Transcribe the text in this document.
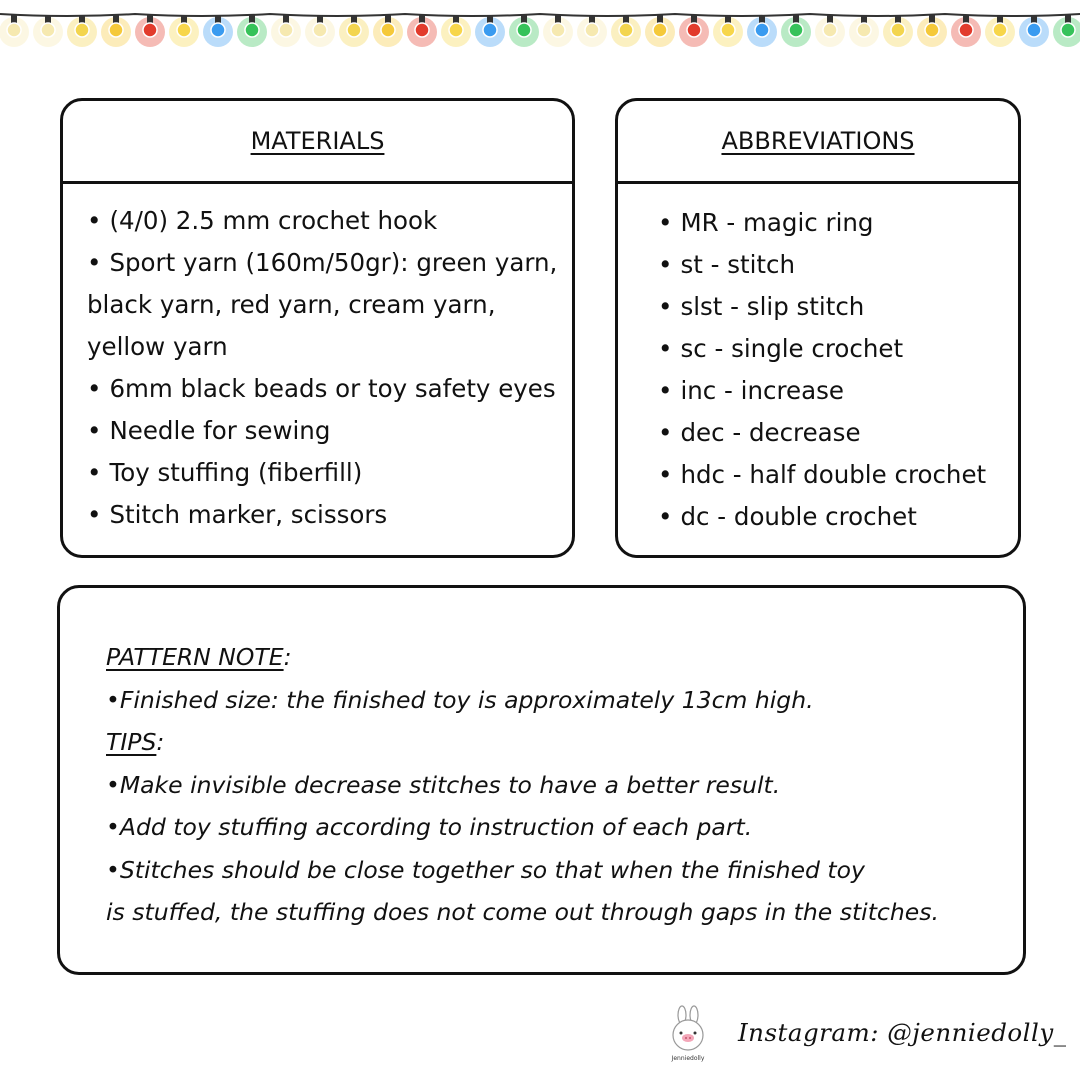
MATERIALS
• (4/0) 2.5 mm crochet hook
• Sport yarn (160m/50gr): green yarn,
black yarn, red yarn, cream yarn,
yellow yarn
• 6mm black beads or toy safety eyes
• Needle for sewing
• Toy stuffing (fiberfill)
• Stitch marker, scissors
ABBREVIATIONS
• MR - magic ring
• st - stitch
• slst - slip stitch
• sc - single crochet
• inc - increase
• dec - decrease
• hdc - half double crochet
• dc - double crochet
PATTERN NOTE:
•Finished size: the finished toy is approximately 13cm high.
TIPS:
•Make invisible decrease stitches to have a better result.
•Add toy stuffing according to instruction of each part.
•Stitches should be close together so that when the finished toy
is stuffed, the stuffing does not come out through gaps in the stitches.
Jenniedolly
Instagram: @jenniedolly_
